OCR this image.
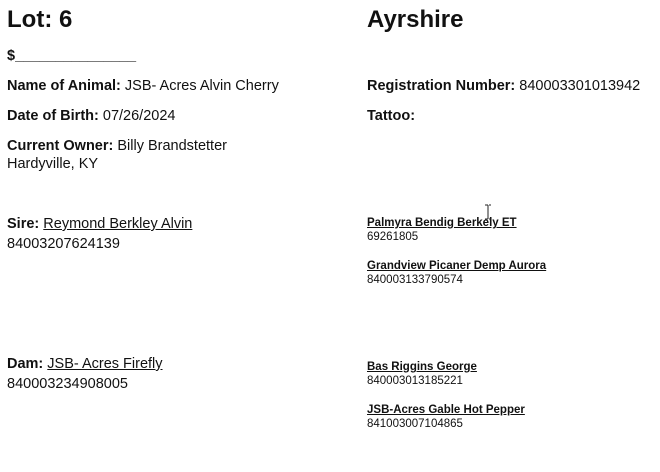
Lot: 6	Ayrshire
$_______________
Name of Animal: JSB- Acres Alvin Cherry
Date of Birth: 07/26/2024
Current Owner: Billy Brandstetter
Hardyville, KY
Registration Number: 840003301013942
Tattoo:
Sire: Reymond Berkley Alvin
84003207624139
Palmyra Bendig Berkely ET
69261805
Grandview Picaner Demp Aurora
840003133790574
Dam: JSB- Acres Firefly
840003234908005
Bas Riggins George
840003013185221
JSB-Acres Gable Hot Pepper
841003007104865
